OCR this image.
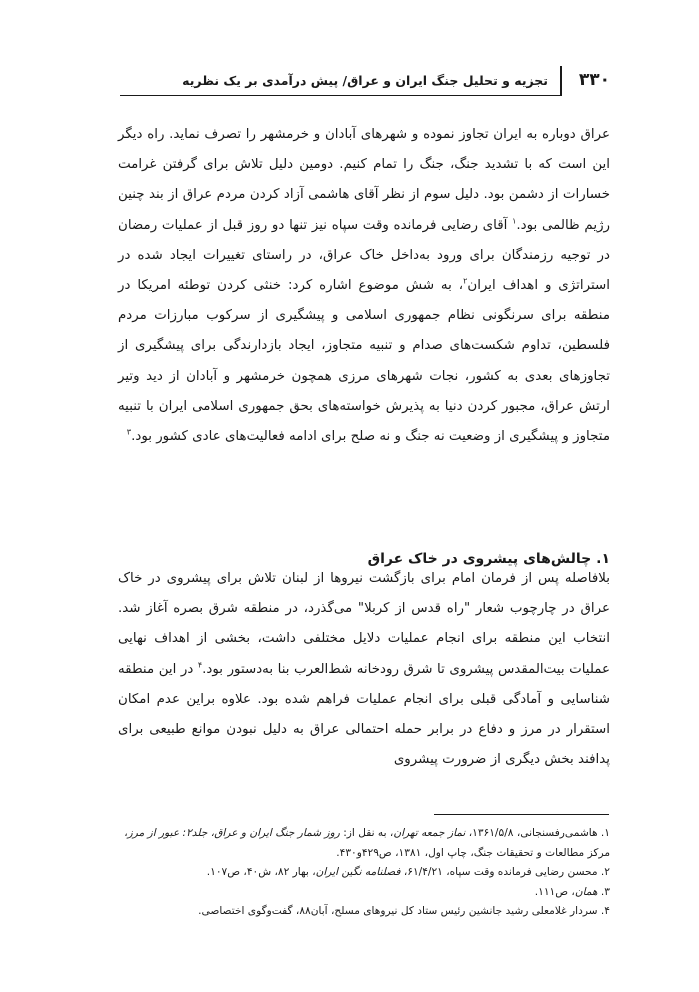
۳۳۰
تجزیه و تحلیل جنگ ایران و عراق/ پیش درآمدی بر یک نظریه

عراق دوباره به ایران تجاوز نموده و شهرهای آبادان و خرمشهر را تصرف نماید. راه دیگر این است که با تشدید جنگ، جنگ را تمام کنیم. دومین دلیل تلاش برای گرفتن غرامت خسارات از دشمن بود. دلیل سوم از نظر آقای هاشمی آزاد کردن مردم عراق از بند چنین رژیم ظالمی بود.$^۱$ آقای رضایی فرمانده وقت سپاه نیز تنها دو روز قبل از عملیات رمضان در توجیه رزمندگان برای ورود به‌داخل خاک عراق، در راستای تغییرات ایجاد شده در استراتژی و اهداف ایران$^۲$، به شش موضوع اشاره کرد: خنثی کردن توطئه امریکا در منطقه برای سرنگونی نظام جمهوری اسلامی و پیشگیری از سرکوب مبارزات مردم فلسطین، تداوم شکست‌های صدام و تنبیه متجاوز، ایجاد بازدارندگی برای پیشگیری از تجاوزهای بعدی به کشور، نجات شهرهای مرزی همچون خرمشهر و آبادان از دید وتیر ارتش عراق، مجبور کردن دنیا به پذیرش خواسته‌های بحق جمهوری اسلامی ایران با تنبیه متجاوز و پیشگیری از وضعیت نه جنگ و نه صلح برای ادامه فعالیت‌های عادی کشور بود.$^۳$

۱. چالش‌های پیشروی در خاک عراق

بلافاصله پس از فرمان امام برای بازگشت نیروها از لبنان تلاش برای پیشروی در خاک عراق در چارچوب شعار "راه قدس از کربلا" می‌گذرد، در منطقه شرق بصره آغاز شد. انتخاب این منطقه برای انجام عملیات دلایل مختلفی داشت، بخشی از اهداف نهایی عملیات بیت‌المقدس پیشروی تا شرق رودخانه شط‌العرب بنا به‌دستور بود.$^۴$ در این منطقه شناسایی و آمادگی قبلی برای انجام عملیات فراهم شده بود. علاوه براین عدم امکان استقرار در مرز و دفاع در برابر حمله احتمالی عراق به دلیل نبودن موانع طبیعی برای پدافند بخش دیگری از ضرورت پیشروی

۱. هاشمی‌رفسنجانی، ۱۳۶۱/۵/۸، نماز جمعه تهران، به نقل از: روز شمار جنگ ایران و عراق، جلد۲: عبور از مرز، مرکز مطالعات و تحقیقات جنگ، چاپ اول، ۱۳۸۱، ص۴۲۹و۴۳۰.

۲. محسن رضایی فرمانده وقت سپاه، ۶۱/۴/۲۱، فصلنامه نگین ایران، بهار ۸۲، ش۴۰، ص۱۰۷.

۳. همان، ص۱۱۱.

۴. سردار غلامعلی رشید جانشین رئیس ستاد کل نیروهای مسلح، آبان۸۸، گفت‌وگوی اختصاصی.
